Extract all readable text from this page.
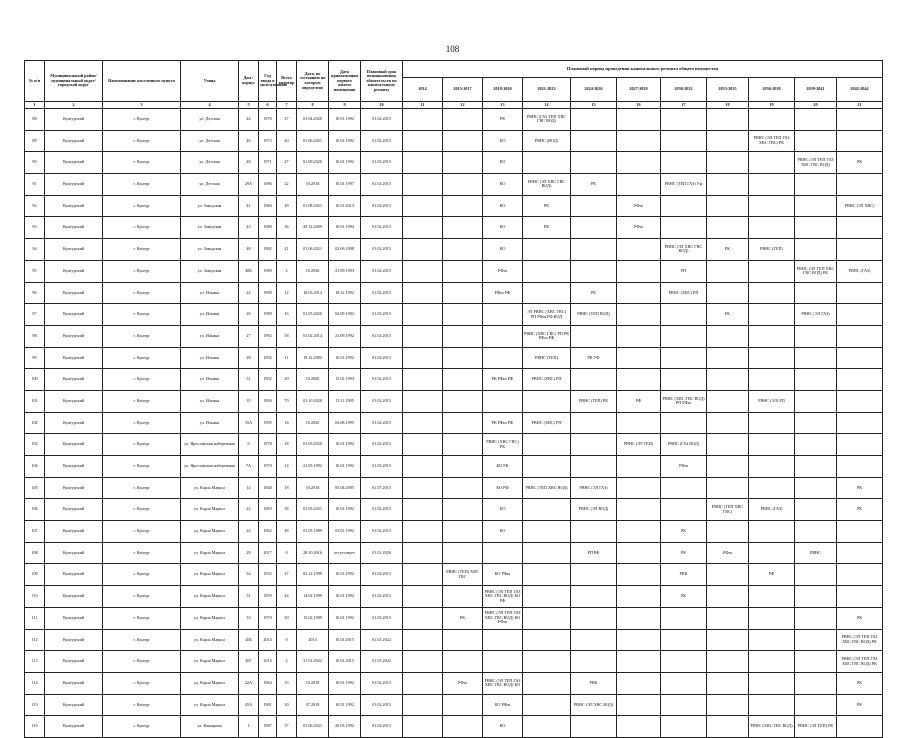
108
№ п/п	Муниципальный район/ муниципальный округ/городской округ	Наименование населенного пункта	Улица	Дом / корпус	Год ввода в эксплуатацию	Всего квартир	Дата, по состоянию на которую определено	Дата приватизации первого жилого помещения	Плановый срок возникновения обязательств по капитальному ремонту	Плановый период проведения капитального ремонта общего имущества										
										2014	2015-2017	2018-2020	2021-2023	2024-2026	2027-2029	2030-2032	2033-2035	2036-2038	2039-2041	2042-2044
1	2	3	4	5	6	7	8	9	10	11	12	13	14	15	16	17	18	19	20	21
88	Кунгурский	г. Кунгур	ул. Детская	44	1976	27	01.04.2020	10.01.1992	01.02.2015			РК	РВНС (ГАЗ ТЕП ХВС ГВС ВОД)							
89	Кунгурский	г. Кунгур	ул. Детская	46	1973	40	01.06.2021	10.01.1992	01.02.2015			КО	РВНС (ВОД)					РВНС (ЭЛ ТЕП ГАЗ ХВС ГВС) РК		
90	Кунгурский	г. Кунгур	ул. Детская	48	1971	27	01.09.2020	10.01.1992	01.02.2015			КО							РВНС (ЭЛ ТЕП ГАЗ ХВС ГВС ВОД)	РК
91	Кунгурский	г. Кунгур	ул. Детская	29А	1986	22	10.2018	10.01.1997	01.02.2015			КО	РВНС (ЭЛ ХВС ГВС ВОД)	РК		РВНС (ТЕП ГАЗ) Уф				
92	Кунгурский	г. Кунгур	ул. Заводская	41	1984	49	01.08.2021	10.01.2013	01.02.2015			КО	РК		РФш					РВНС (ЭЛ ХВС)
93	Кунгурский	г. Кунгур	ул. Заводская	43	1980	36	29.12.2009	10.01.1994	01.02.2015			КО	РК		РФш					
94	Кунгурский	г. Кунгур	ул. Заводская	48	1982	41	01.06.2021	02.06.1998	01.02.2015			КО				РВНС (ЭЛ ХВС ГВС ВОД)	РК	РВНС (ТЕП)		
95	Кунгурский	г. Кунгур	ул. Заводская	48Б	1989	2	10.2026	21.09.1993	01.02.2015			РФш				РП			РВНС (ЭЛ ТЕП ХВС ГВС ВОД) РК	РВНС (ГАЗ)
96	Кунгурский	г. Кунгур	ул. Ильина	24	1990	12	16.05.2014	18.12.1992	01.02.2015			РФш РФ		РК		РВНС (ХВС) РП				
97	Кунгурский	г. Кунгур	ул. Ильина	26	1989	16	01.05.2020	04.09.1993	01.02.2015				ЭЛ РВНС (ХВС ГВС) РП РФш РФ ВОД	РВНС (ТЕП ВОД)			РК		РВНС (ЭЛ ГАЗ)	
98	Кунгурский	г. Кунгур	ул. Ильина	27	1992	58	01.02.2014	21.09.1992	01.02.2015				РВНС (ХВС ГВС) РП РК РФш РФ							
99	Кунгурский	г. Кунгур	ул. Ильина	28	1992	11	19.12.2005	10.01.1992	01.02.2015				РВНС (ТЕП)	РК УФ						
100	Кунгурский	г. Кунгур	ул. Ильина	31	1992	20	10.2020	15.02.1993	01.02.2015			РК РФш РФ	РВНС (ХВС) РП							
101	Кунгурский	г. Кунгур	ул. Ильина	35	1994	70	01.10.2020	15.11.1995	01.02.2015					РВНС (ТЕП) РК	РФ	РВНС (ХВС ГВС ВОД) РП РФш		РВНС (ЭЛ) РП		
102	Кунгурский	г. Кунгур	ул. Ильина	35А	1995	16	10.2020	04.08.1995	01.02.2015			РК РФш РФ	РВНС (ХВС) РП							
103	Кунгурский	г. Кунгур	ул. Ярославская набережная	6	1978	18	01.05.2020	10.01.1992	01.02.2015			РВНС (ХВС ГВС) РК			РВНС (ЭЛ ТЕП)	РВНС (ГАЗ ВОД)				
104	Кунгурский	г. Кунгур	ул. Ярославская набережная	7А	1970	14	21.05.1992	10.01.1992	01.02.2015			КО РК				РФш				
105	Кунгурский	г. Кунгур	ул. Карла Маркса	14	1840	18	10.2018	05.04.2005	01.07.2015			КО РФ	РВНС (ТЕП ХВС ВОД)	РВНС (ЭЛ ГАЗ)						РК
106	Кунгурский	г. Кунгур	ул. Карла Маркса	22	1963	38	01.05.2021	10.01.1992	01.02.2015			КО		РВНС (ЭЛ ВОД)			РВНС (ТЕП ХВС ГВС)	РВНС (ГАЗ)		РК
107	Кунгурский	г. Кунгур	ул. Карла Маркса	24	1962	48	01.03.1989	03.01.1992	01.02.2015			КО				РК				
108	Кунгурский	г. Кунгур	ул. Карла Маркса	28	2017	0	28.10.2016	отсутствует	01.01.2026					РП РФ		РК	РФш		РВНС	
109	Кунгурский	г. Кунгур	ул. Карла Маркса	34	1935	47	03.12.1999	10.01.1992	01.02.2015		РВНС (ТЕП) ХВС ГВС	КО РФш				РВК		РФ		
110	Кунгурский	г. Кунгур	ул. Карла Маркса	31	1959	44	14.02.1999	10.01.1992	01.02.2015			РВНС (ЭЛ ТЕП ГАЗ ХВС ГВС ВОД) КО РФ				РК				
111	Кунгурский	г. Кунгур	ул. Карла Маркса	33	1970	30	15.02.1989	10.01.1992	01.02.2015		РК	РВНС (ЭЛ ТЕП ГАЗ ХВС ГВС ВОД) КО РФш								РК
112	Кунгурский	г. Кунгур	ул. Карла Маркса	20Б	2014	0	2014	10.01.2015	01.01.2022											РВНС (ЭЛ ТЕП ГАЗ ХВС ГВС ВОД) РК
113	Кунгурский	г. Кунгур	ул. Карла Маркса	20Г	2014	2	31.01.2022	10.01.2015	01.01.2022											РВНС (ЭЛ ТЕП ГАЗ ХВС ГВС ВОД) РК
114	Кунгурский	г. Кунгур	ул. Карла Маркса	22А	1964	33	10.2018	10.01.1992	01.02.2015		РФш	РВНС (ЭЛ ТЕП ГАЗ ХВС ГВС ВОД) КО		РВК						РК
115	Кунгурский	г. Кунгур	ул. Карла Маркса	45А	1981	30	07.2018	10.01.1992	01.02.2015			КО РФш		РВНС (ЭЛ ХВС ВОД)						РК
116	Кунгурский	г. Кунгур	ул. Кашарина	1	1987	37	01.06.2021	20.03.1992	01.02.2015			КО						РВНС (ХВС ГВС ВОД)	РВНС (ЭЛ ТЕП) РК	
